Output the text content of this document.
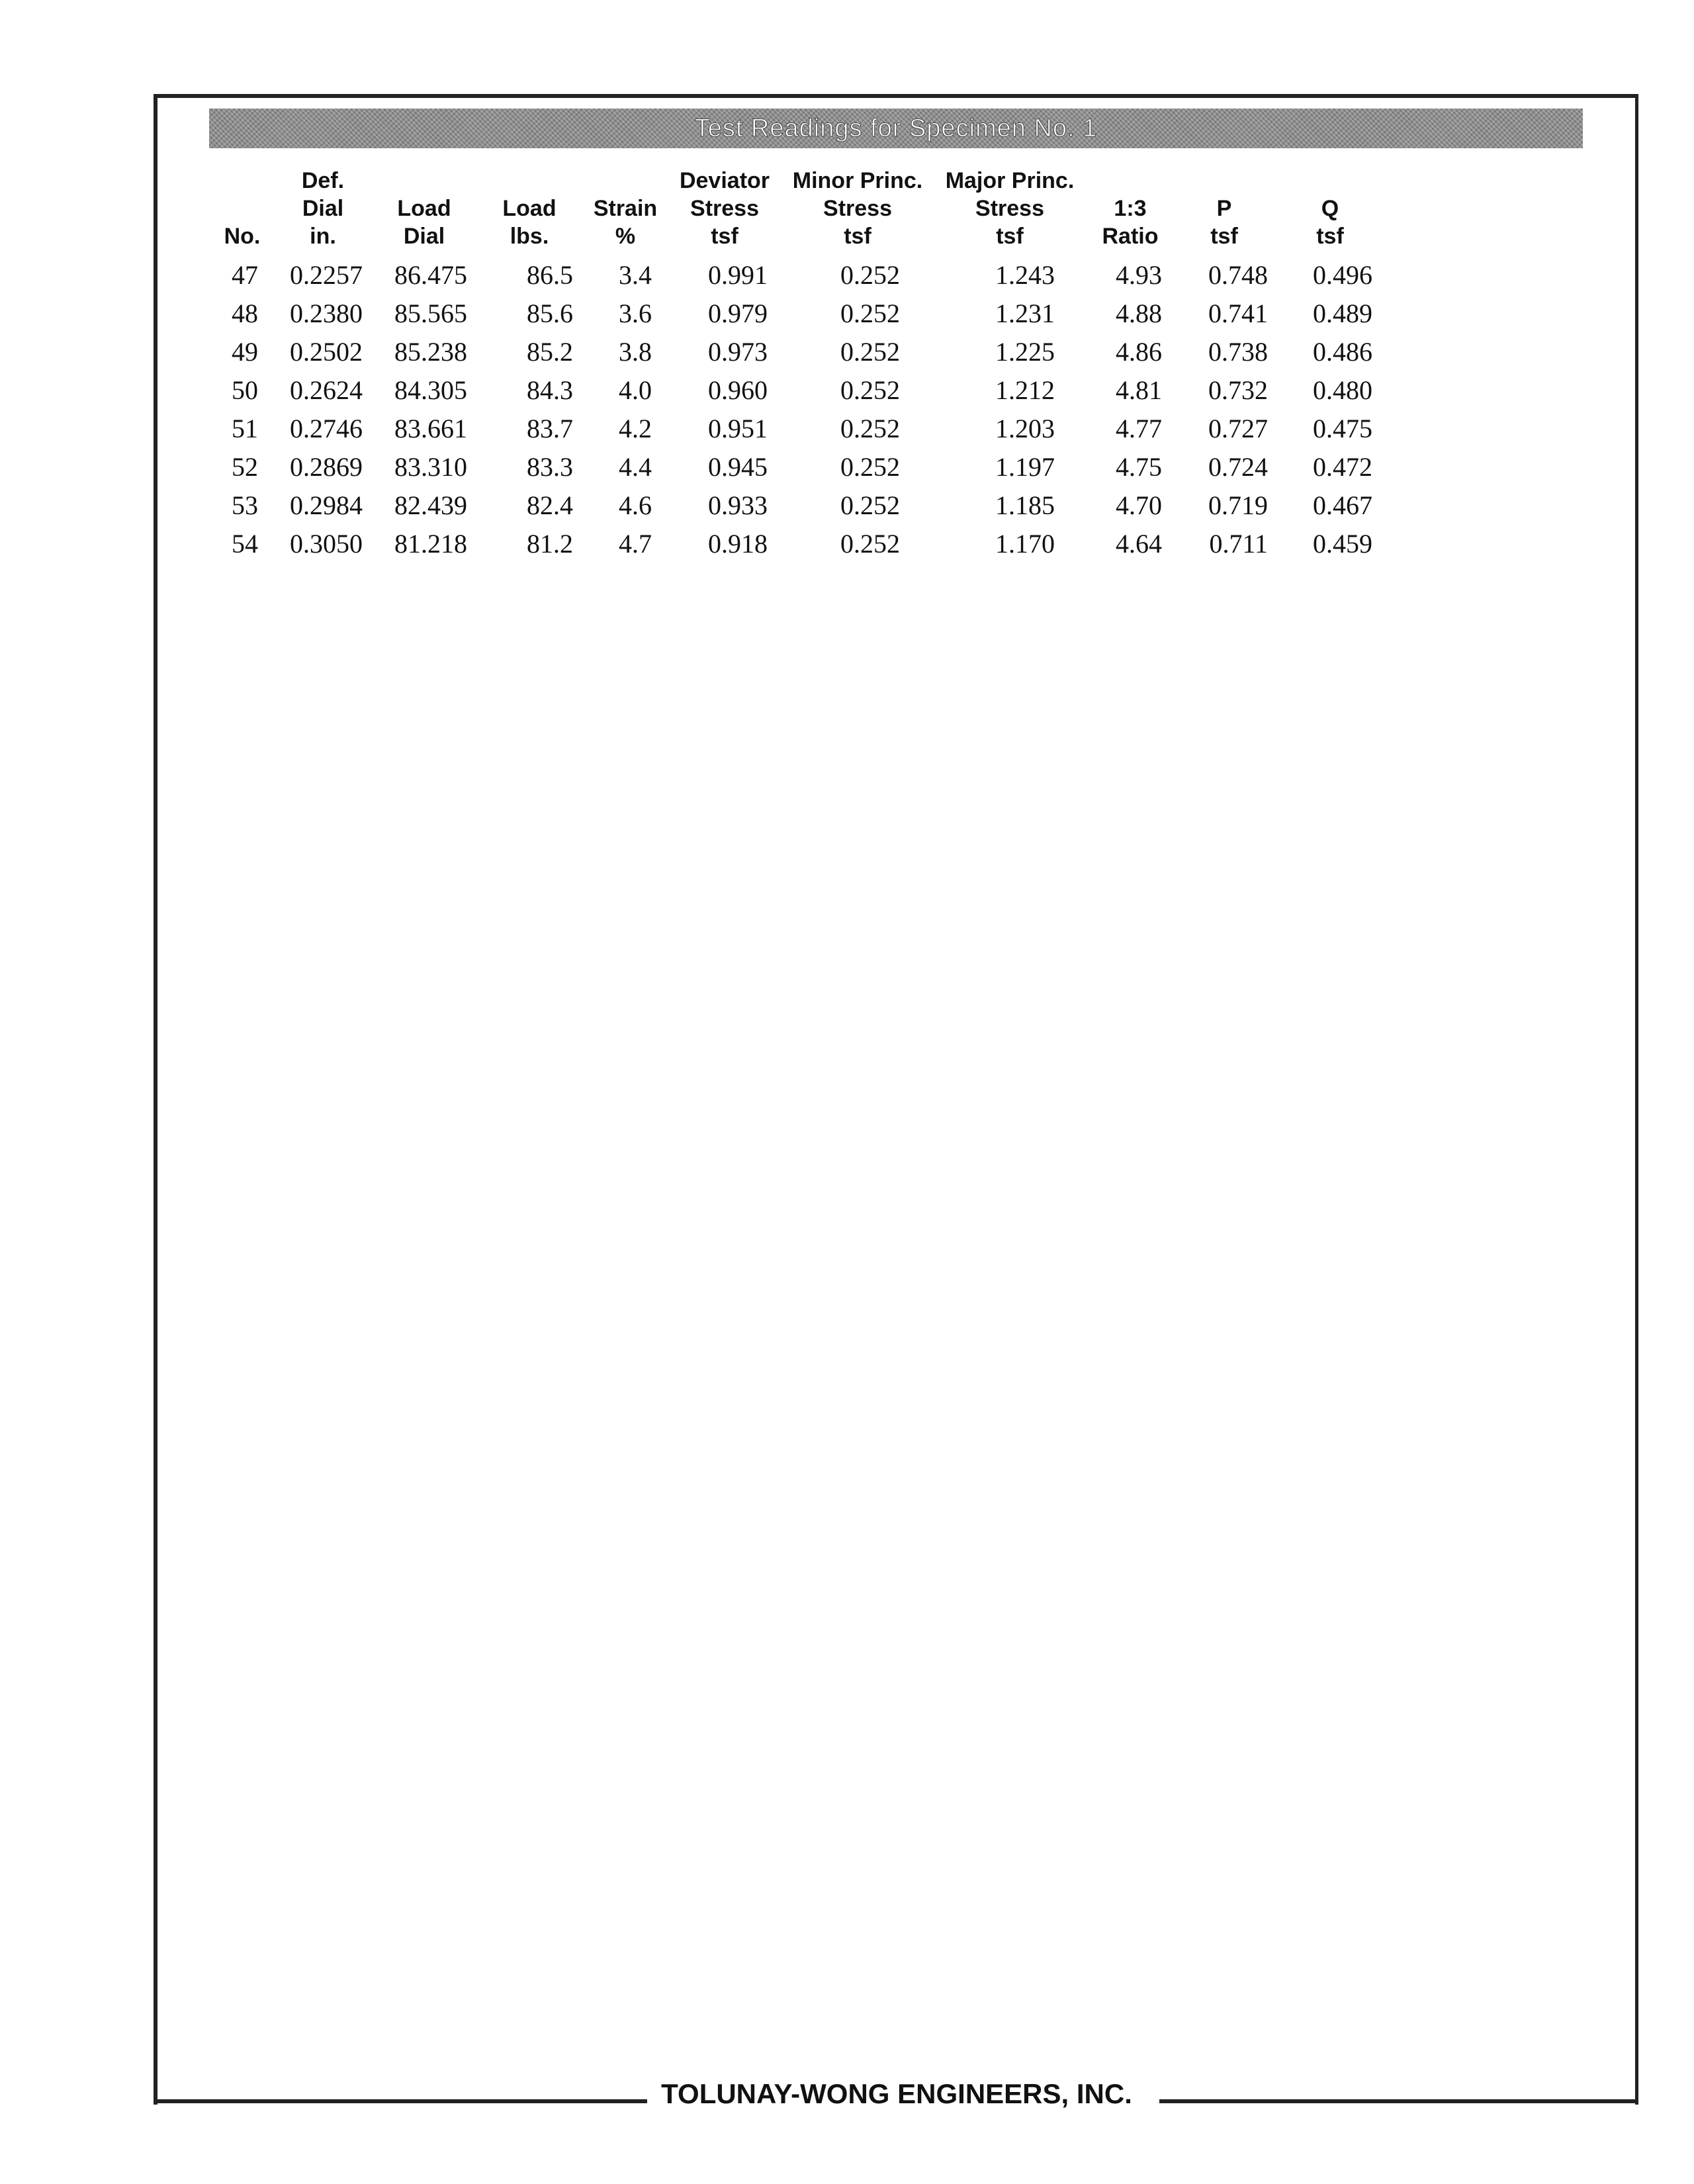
Test Readings for Specimen No. 1

No.
Def.
Dial
in.

Load
Dial

Load
lbs.

Strain
%

Deviator
Stress
tsf

Minor Princ.
Stress
tsf

Major Princ.
Stress
tsf

1:3
Ratio

P
tsf

Q
tsf
47	0.2257	86.475	86.5	3.4	0.991	0.252	1.243	4.93	0.748	0.496
48	0.2380	85.565	85.6	3.6	0.979	0.252	1.231	4.88	0.741	0.489
49	0.2502	85.238	85.2	3.8	0.973	0.252	1.225	4.86	0.738	0.486
50	0.2624	84.305	84.3	4.0	0.960	0.252	1.212	4.81	0.732	0.480
51	0.2746	83.661	83.7	4.2	0.951	0.252	1.203	4.77	0.727	0.475
52	0.2869	83.310	83.3	4.4	0.945	0.252	1.197	4.75	0.724	0.472
53	0.2984	82.439	82.4	4.6	0.933	0.252	1.185	4.70	0.719	0.467
54	0.3050	81.218	81.2	4.7	0.918	0.252	1.170	4.64	0.711	0.459
TOLUNAY-WONG ENGINEERS, INC.
